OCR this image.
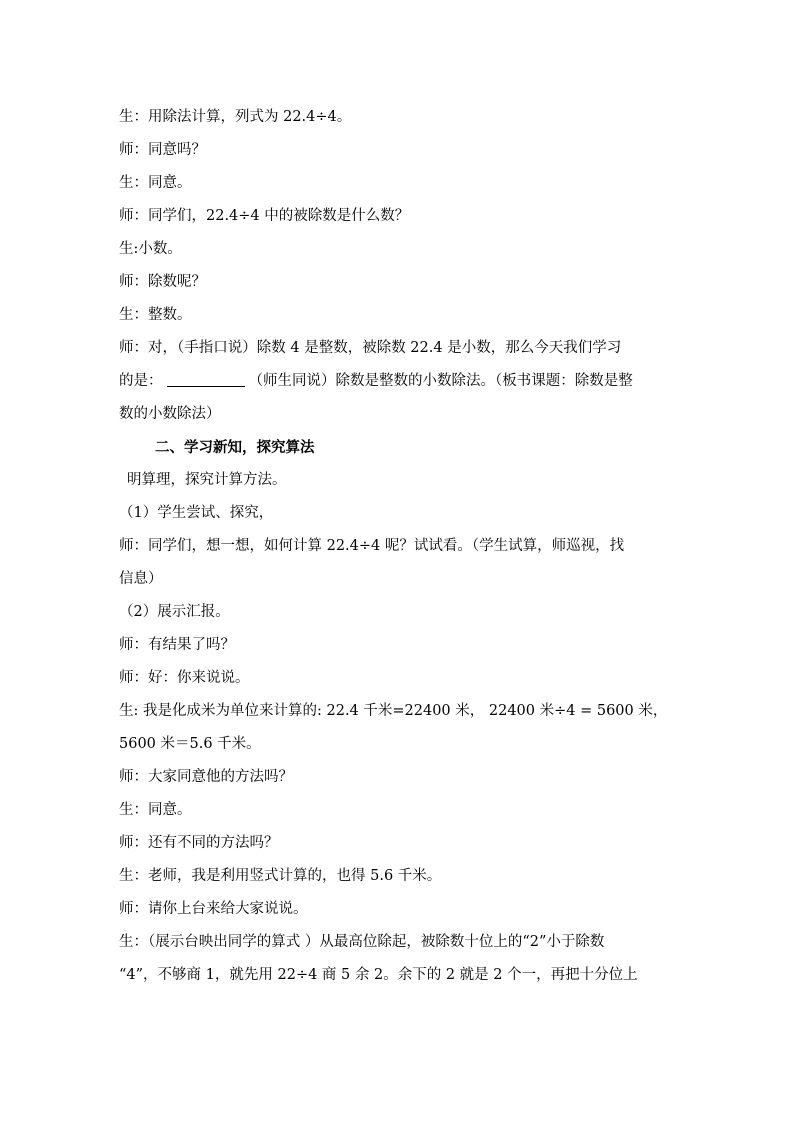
生：用除法计算，列式为 22.4÷4。

师：同意吗？

生：同意。

师：同学们，22.4÷4 中的被除数是什么数？

生:小数。

师：除数呢？

生：整数。

师：对，（手指口说）除数 4 是整数，被除数 22.4 是小数，那么今天我们学习

的是：	（师生同说）除数是整数的小数除法。（板书课题：除数是整

数的小数除法）

二、学习新知，探究算法

明算理，探究计算方法。

（1）学生尝试、探究，

师：同学们，想一想，如何计算 22.4÷4 呢？试试看。（学生试算，师巡视，找

信息）

（2）展示汇报。

师：有结果了吗？

师：好：你来说说。

生: 我是化成米为单位来计算的: 22.4 千米=22400 米， 22400 米÷4 = 5600 米，

5600 米＝5.6 千米。

师：大家同意他的方法吗？

生：同意。

师：还有不同的方法吗？

生：老师，我是利用竖式计算的，也得 5.6 千米。

师：请你上台来给大家说说。

生：（展示台映出同学的算式 ）从最高位除起，被除数十位上的“2”小于除数

“4”，不够商 1，就先用 22÷4 商 5 余 2。余下的 2 就是 2 个一，再把十分位上
